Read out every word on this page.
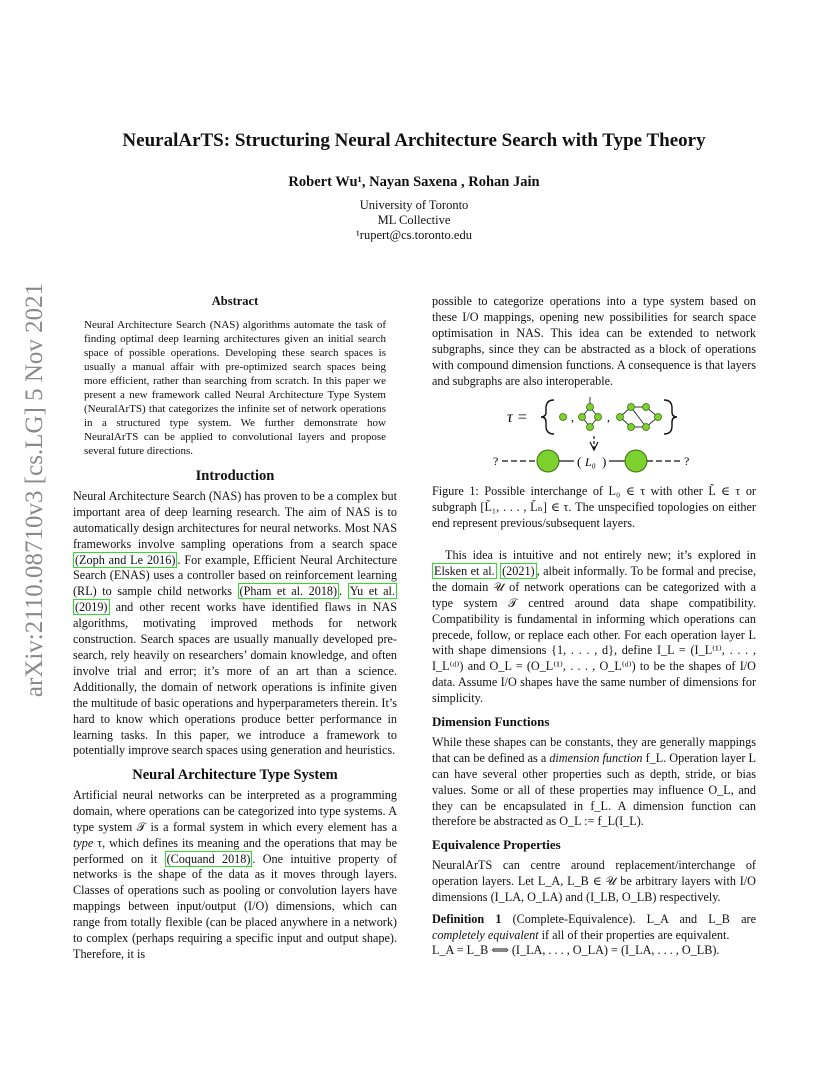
arXiv:2110.08710v3 [cs.LG] 5 Nov 2021
NeuralArTS: Structuring Neural Architecture Search with Type Theory
Robert Wu¹, Nayan Saxena , Rohan Jain
University of Toronto
ML Collective
¹rupert@cs.toronto.edu
Abstract

Neural Architecture Search (NAS) algorithms automate the task of finding optimal deep learning architectures given an initial search space of possible operations. Developing these search spaces is usually a manual affair with pre-optimized search spaces being more efficient, rather than searching from scratch. In this paper we present a new framework called Neural Architecture Type System (NeuralArTS) that categorizes the infinite set of network operations in a structured type system. We further demonstrate how NeuralArTS can be applied to convolutional layers and propose several future directions.

Introduction

Neural Architecture Search (NAS) has proven to be a complex but important area of deep learning research. The aim of NAS is to automatically design architectures for neural networks. Most NAS frameworks involve sampling operations from a search space (Zoph and Le 2016) . For example, Efficient Neural Architecture Search (ENAS) uses a controller based on reinforcement learning (RL) to sample child networks (Pham et al. 2018) . Yu et al. (2019) and other recent works have identified flaws in NAS algorithms, motivating improved methods for network construction. Search spaces are usually manually developed pre-search, rely heavily on researchers’ domain knowledge, and often involve trial and error; it’s more of an art than a science. Additionally, the domain of network operations is infinite given the multitude of basic operations and hyperparameters therein. It’s hard to know which operations produce better performance in learning tasks. In this paper, we introduce a framework to potentially improve search spaces using generation and heuristics.

Neural Architecture Type System

Artificial neural networks can be interpreted as a programming domain, where operations can be categorized into type systems. A type system 𝒯 is a formal system in which every element has a type τ, which defines its meaning and the operations that may be performed on it (Coquand 2018) . One intuitive property of networks is the shape of the data as it moves through layers. Classes of operations such as pooling or convolution layers have mappings between input/output (I/O) dimensions, which can range from totally flexible (can be placed anywhere in a network) to complex (perhaps requiring a specific input and output shape). Therefore, it is

possible to categorize operations into a type system based on these I/O mappings, opening new possibilities for search space optimisation in NAS. This idea can be extended to network subgraphs, since they can be abstracted as a block of operations with compound dimension functions. A consequence is that layers and subgraphs are also interoperable.

τ =	,	,
?	( L₀ )	?
Figure 1: Possible interchange of L₀ ∈ τ with other L̃ ∈ τ or subgraph [L̃₁, . . . , L̃ₙ] ∈ τ. The unspecified topologies on either end represent previous/subsequent layers.

This idea is intuitive and not entirely new; it’s explored in Elsken et al. (2021) , albeit informally. To be formal and precise, the domain 𝒰 of network operations can be categorized with a type system 𝒯 centred around data shape compatibility. Compatibility is fundamental in informing which operations can precede, follow, or replace each other. For each operation layer L with shape dimensions {1, . . . , d}, define I_L = (I_L⁽¹⁾, . . . , I_L⁽ᵈ⁾) and O_L = (O_L⁽¹⁾, . . . , O_L⁽ᵈ⁾) to be the shapes of I/O data. Assume I/O shapes have the same number of dimensions for simplicity.

Dimension Functions

While these shapes can be constants, they are generally mappings that can be defined as a dimension function f_L. Operation layer L can have several other properties such as depth, stride, or bias values. Some or all of these properties may influence O_L, and they can be encapsulated in f_L. A dimension function can therefore be abstracted as O_L := f_L(I_L).

Equivalence Properties

NeuralArTS can centre around replacement/interchange of operation layers. Let L_A, L_B ∈ 𝒰 be arbitrary layers with I/O dimensions (I_LA, O_LA) and (I_LB, O_LB) respectively.

Definition 1 (Complete-Equivalence). L_A and L_B are completely equivalent if all of their properties are equivalent.

L_A = L_B ⟺ (I_LA, . . . , O_LA) = (I_LA, . . . , O_LB).
